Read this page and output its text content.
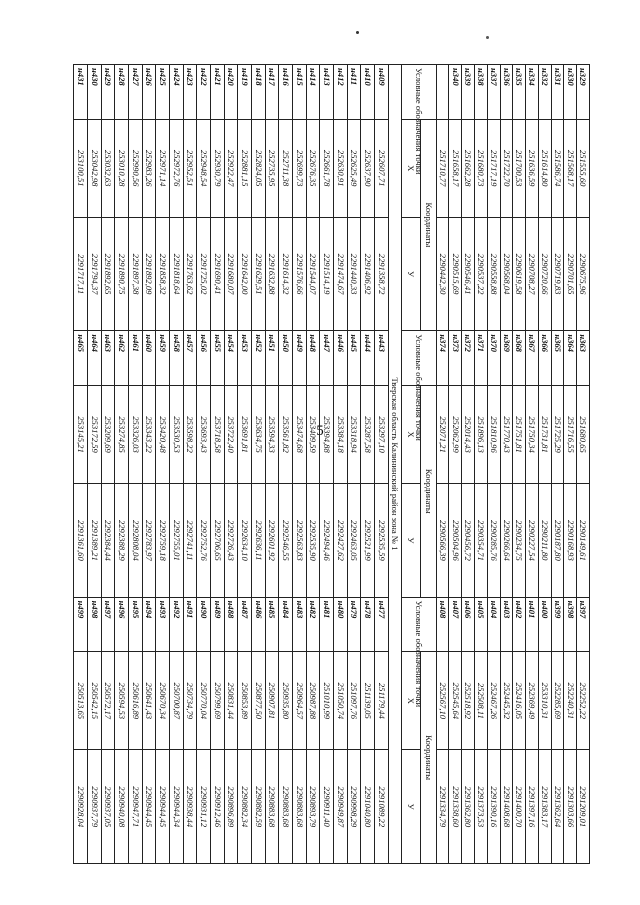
5
н329	251555,60	2290675,96	н363	251680,65	2290149,61	н397	252252,22	2291209,01
н330	251568,17	2290701,65	н364	251716,55	2290168,93	н398	252240,31	2291303,66
н331	251586,74	2290719,83	н365	251725,29	2290187,80	н399	252285,69	2291362,64
н332	251614,80	2290720,66	н366	251731,81	2290211,80	н400	253310,31	2291383,17
н334	251636,59	2290708,27	н367	251750,34	2290227,54	н401	252369,49	2291397,16
н335	251700,53	2290619,58	н368	251751,81	2290234,75	н402	252416,05	2291400,70
н336	251722,70	2290568,04	н369	251770,43	2290266,64	н403	252445,32	2291408,68
н337	251717,19	2290558,88	н370	251810,96	2290285,76	н404	252467,26	2291390,16
н338	251680,73	2290537,22	н371	251896,13	2290354,71	н405	252508,11	2291373,53
н339	251662,28	2290546,41	н372	252014,43	2290456,72	н406	252518,92	2291362,80
н340	251658,17	2290515,69	н373	252062,99	2290504,96	н407	252545,64	2291338,60
	251710,77	2290442,30	н374	252071,21	2290566,39	н408	252567,10	2291334,79
Условные обозначения точки	Координаты		Условные обозначения точки	Координаты		Условные обозначения точки	Координаты	
	X	У		X	У		X	У
Тверская область Калининский район зона № 1								
н409	252607,71	2291358,72	н443	253297,10	2292535,59	н477	251179,44	2291089,22
н410	252637,90	2291406,92	н444	253287,58	2292521,99	н478	251139,05	2291040,80
н411	252625,49	2291440,33	н445	253318,94	2292463,05	н479	251097,76	2290998,29
н412	252630,91	2291474,67	н446	253384,18	2292427,62	н480	251050,74	2290949,87
н413	252661,78	2291514,19	н447	253394,88	2292494,46	н481	251010,99	2290911,40
н414	252676,35	2291544,07	н448	253409,59	2292535,90	н482	250987,88	2290893,79
н415	252699,73	2291576,66	н449	253474,68	2292563,83	н483	250964,57	2290883,68
н416	252711,38	2291614,32	н450	253561,82	2292546,55	н484	250935,80	2290883,68
н417	252735,95	2291632,88	н451	253594,33	2292601,92	н485	250907,81	2290883,68
н418	252824,05	2291629,51	н452	253634,75	2292636,11	н486	250877,50	2290882,59
н419	252881,15	2291642,00	н453	253691,81	2292634,10	н487	250853,89	2290882,34
н420	252922,47	2291680,07	н454	253722,40	2292726,43	н488	250831,44	2290896,89
н421	252930,79	2291690,41	н455	253718,58	2292706,65	н489	250799,69	2290912,46
н422	252948,54	2291725,02	н456	253693,43	2292752,76	н490	250770,04	2290931,12
н423	252952,51	2291763,62	н457	253598,22	2292741,11	н491	250734,79	2290938,44
н424	252972,76	2291818,64	н458	253530,53	2292755,01	н492	250700,87	2290944,34
н425	252971,14	2291858,32	н459	253420,48	2292759,18	н493	250670,34	2290944,45
н426	252983,26	2291892,09	н460	253343,22	2292783,97	н494	250641,43	2290944,45
н427	252990,56	2291897,38	н461	253326,03	2292808,04	н495	250616,89	2290947,71
н428	253010,28	2291890,75	н462	253274,85	2292388,29	н496	250594,53	2290940,08
н429	253032,63	2291892,65	н463	253209,69	2292384,44	н497	250572,17	2290937,05
н430	253042,98	2291794,37	н464	253172,59	2291389,21	н498	250542,15	2290937,79
н431	253100,51	2291717,11	н465	253145,21	2291361,60	н499	250513,65	2290928,04
